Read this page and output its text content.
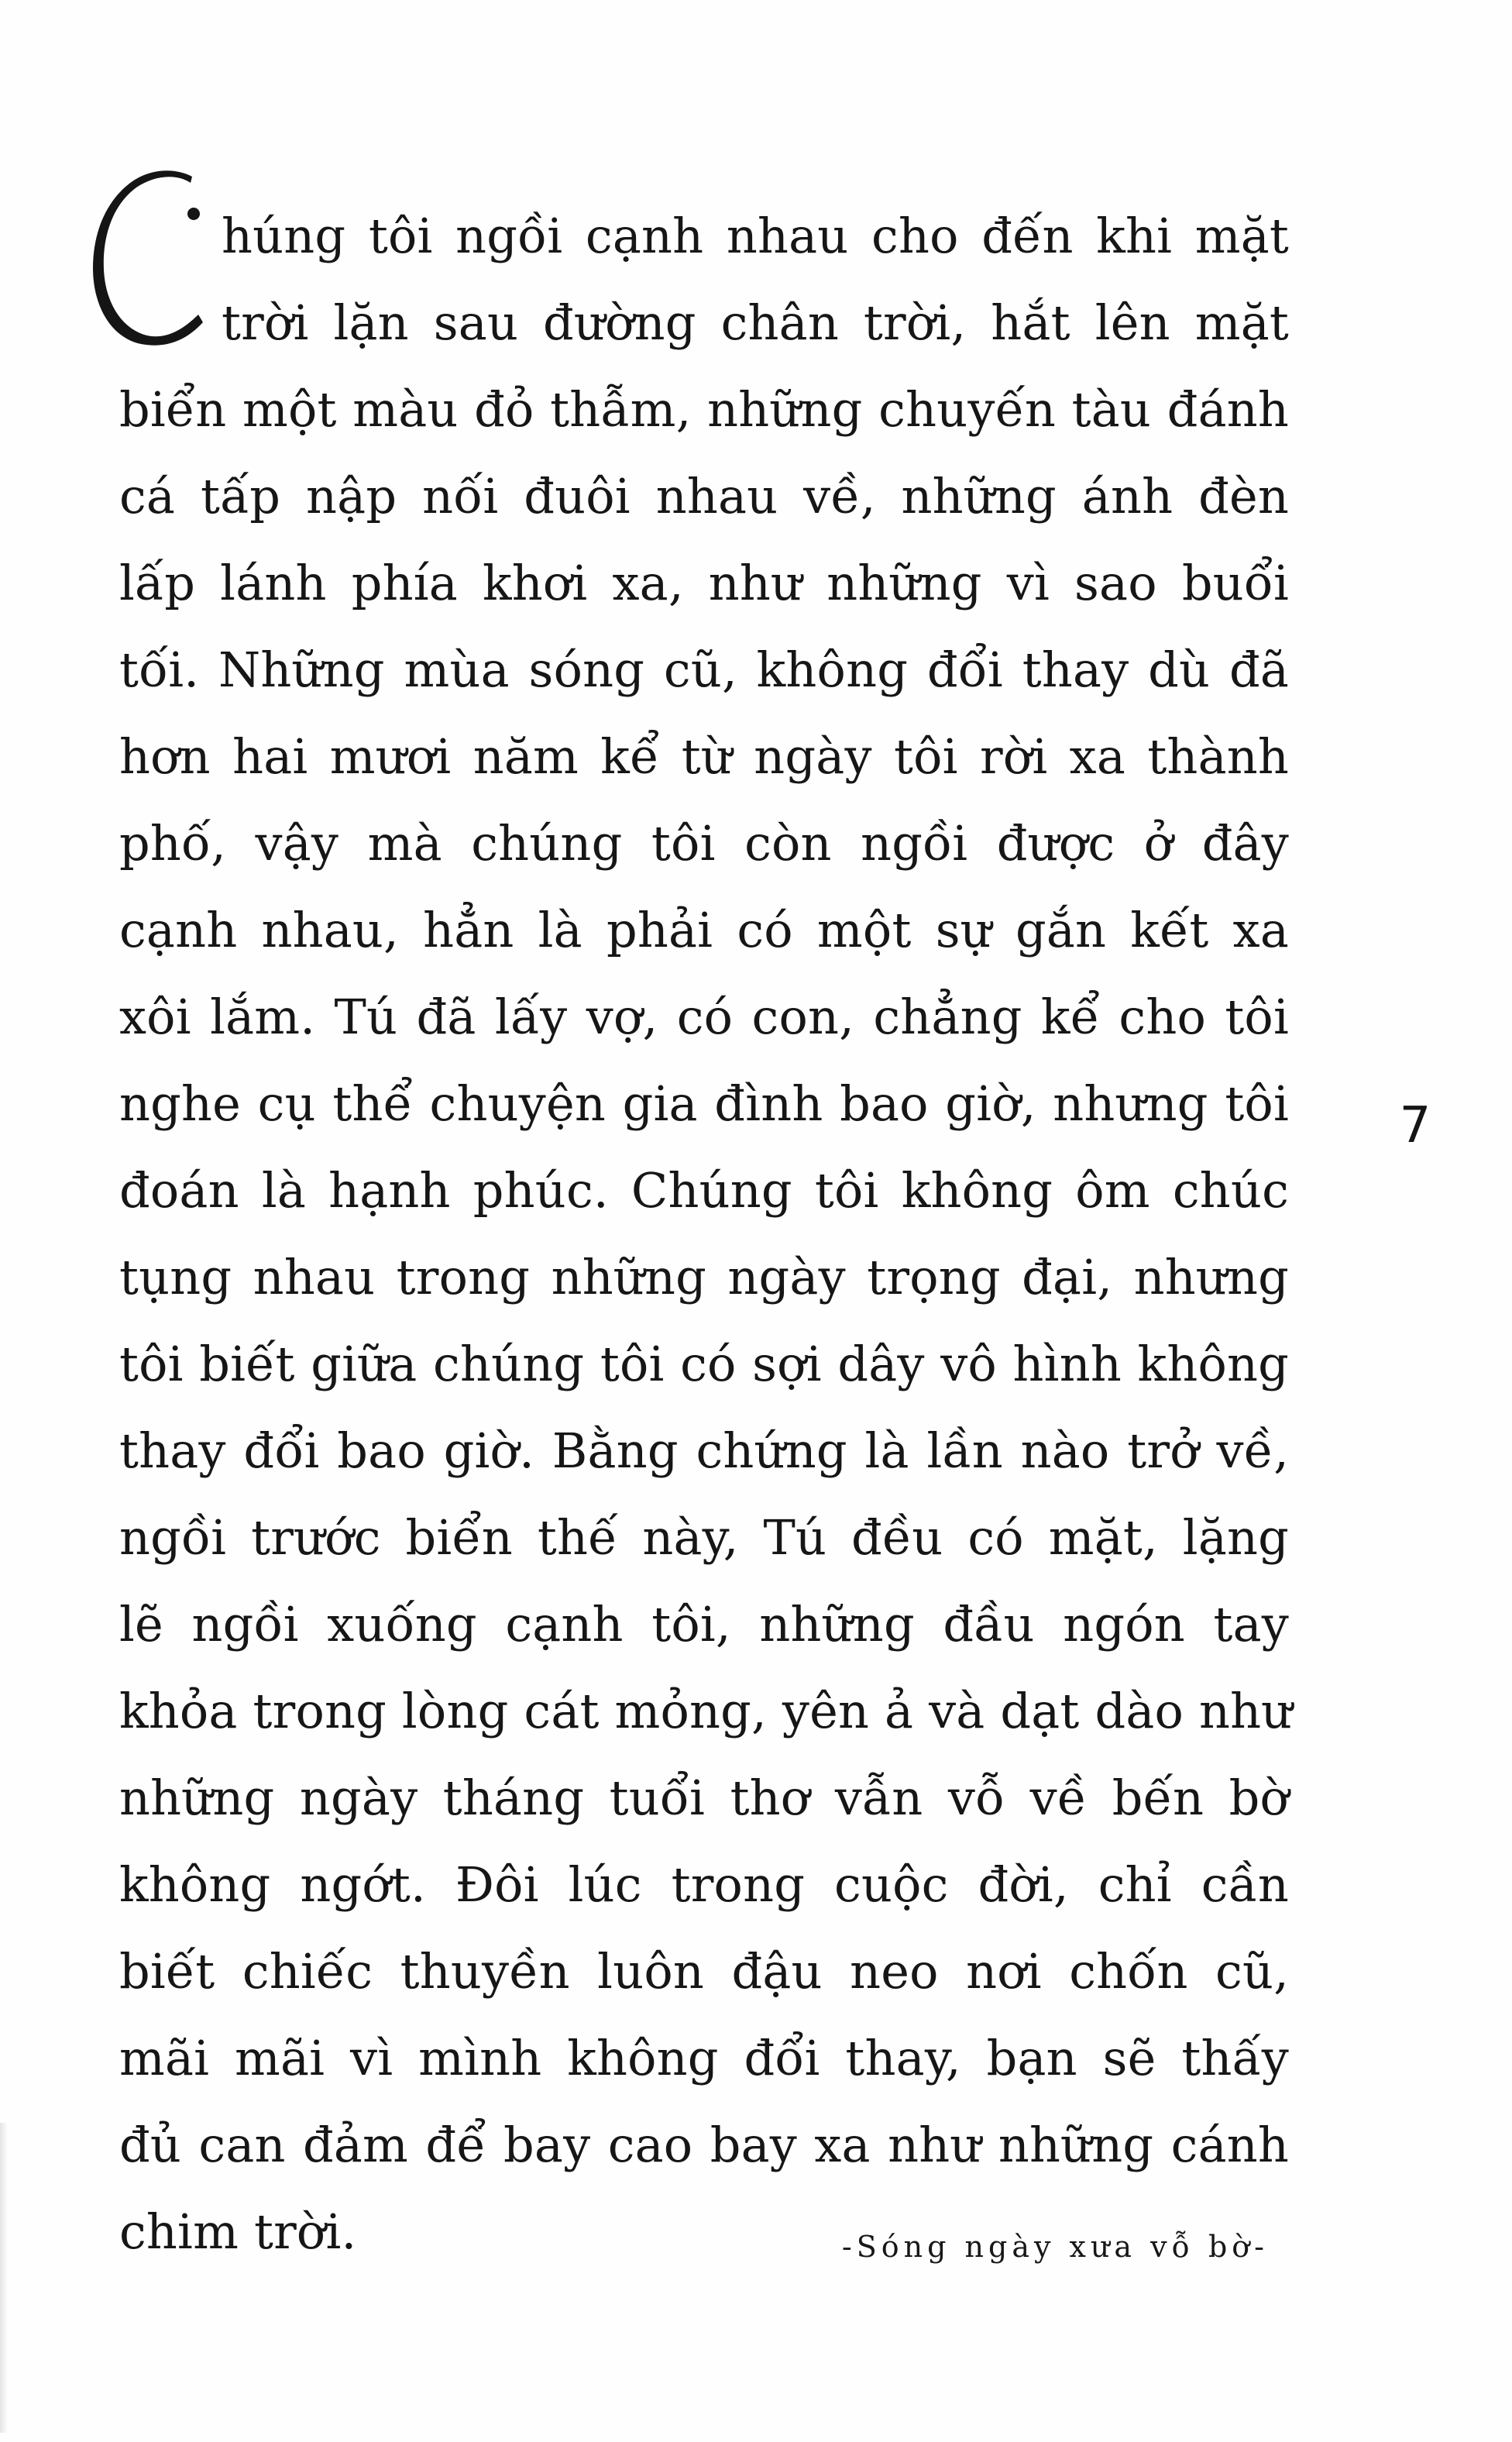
húng tôi ngồi cạnh nhau cho đến khi mặt
trời lặn sau đường chân trời, hắt lên mặt
biển một màu đỏ thẫm, những chuyến tàu đánh
cá tấp nập nối đuôi nhau về, những ánh đèn
lấp lánh phía khơi xa, như những vì sao buổi
tối. Những mùa sóng cũ, không đổi thay dù đã
hơn hai mươi năm kể từ ngày tôi rời xa thành
phố, vậy mà chúng tôi còn ngồi được ở đây
cạnh nhau, hẳn là phải có một sự gắn kết xa
xôi lắm. Tú đã lấy vợ, có con, chẳng kể cho tôi
nghe cụ thể chuyện gia đình bao giờ, nhưng tôi
đoán là hạnh phúc. Chúng tôi không ôm chúc
tụng nhau trong những ngày trọng đại, nhưng
tôi biết giữa chúng tôi có sợi dây vô hình không
thay đổi bao giờ. Bằng chứng là lần nào trở về,
ngồi trước biển thế này, Tú đều có mặt, lặng
lẽ ngồi xuống cạnh tôi, những đầu ngón tay
khỏa trong lòng cát mỏng, yên ả và dạt dào như
những ngày tháng tuổi thơ vẫn vỗ về bến bờ
không ngớt. Đôi lúc trong cuộc đời, chỉ cần
biết chiếc thuyền luôn đậu neo nơi chốn cũ,
mãi mãi vì mình không đổi thay, bạn sẽ thấy
đủ can đảm để bay cao bay xa như những cánh
chim trời.
7
-Sóng ngày xưa vỗ bờ-
